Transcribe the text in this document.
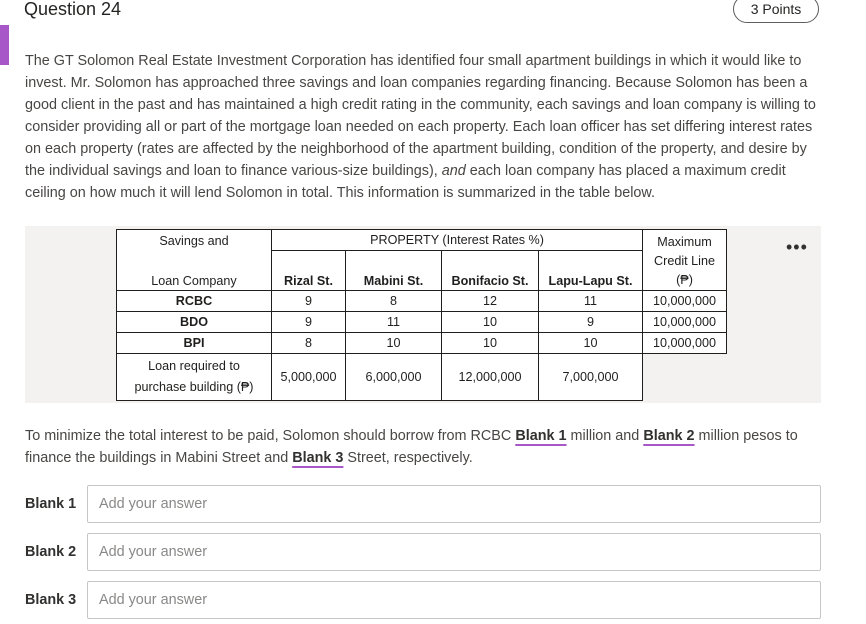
Question 24	3 Points
The GT Solomon Real Estate Investment Corporation has identified four small apartment buildings in which it would like to invest. Mr. Solomon has approached three savings and loan companies regarding financing. Because Solomon has been a good client in the past and has maintained a high credit rating in the community, each savings and loan company is willing to consider providing all or part of the mortgage loan needed on each property. Each loan officer has set differing interest rates on each property (rates are affected by the neighborhood of the apartment building, condition of the property, and desire by the individual savings and loan to finance various-size buildings), and each loan company has placed a maximum credit ceiling on how much it will lend Solomon in total. This information is summarized in the table below.
Savings and
Loan Company	PROPERTY (Interest Rates %)				Maximum
Credit Line
(₱)
	Rizal St.	Mabini St.	Bonifacio St.	Lapu-Lapu St.	
RCBC	9	8	12	11	10,000,000
BDO	9	11	10	9	10,000,000
BPI	8	10	10	10	10,000,000
Loan required to
purchase building (₱)	5,000,000	6,000,000	12,000,000	7,000,000	
•••
To minimize the total interest to be paid, Solomon should borrow from RCBC Blank 1 million and Blank 2 million pesos to finance the buildings in Mabini Street and Blank 3 Street, respectively.
Blank 1
Add your answer
Blank 2
Add your answer
Blank 3
Add your answer
